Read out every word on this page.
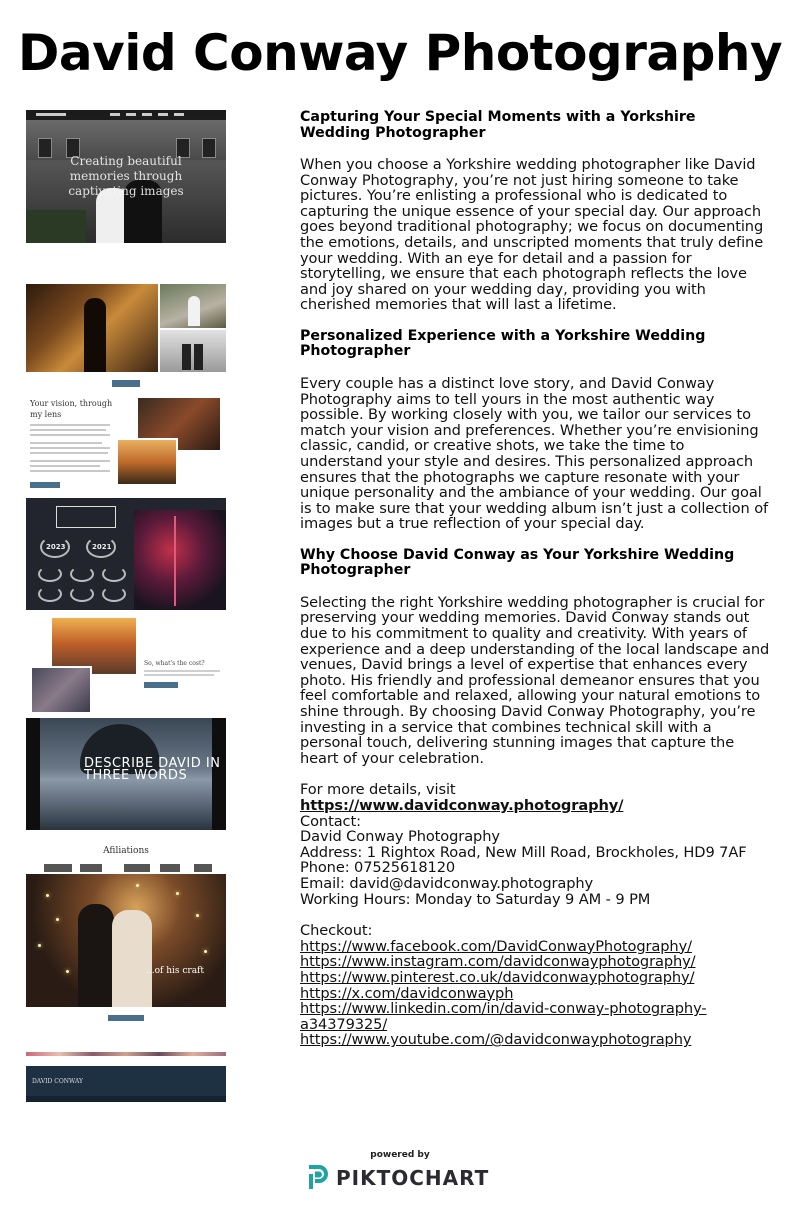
David Conway Photography
Creating beautiful memories through captivating images
Your vision, through my lens
2023	2021
So, what's the cost?
DESCRIBE DAVID IN THREE WORDS
Afiliations
...of his craft
DAVID CONWAY
Capturing Your Special Moments with a Yorkshire Wedding Photographer

When you choose a Yorkshire wedding photographer like David Conway Photography, you’re not just hiring someone to take pictures. You’re enlisting a professional who is dedicated to capturing the unique essence of your special day. Our approach goes beyond traditional photography; we focus on documenting the emotions, details, and unscripted moments that truly define your wedding. With an eye for detail and a passion for storytelling, we ensure that each photograph reflects the love and joy shared on your wedding day, providing you with cherished memories that will last a lifetime.

Personalized Experience with a Yorkshire Wedding Photographer

Every couple has a distinct love story, and David Conway Photography aims to tell yours in the most authentic way possible. By working closely with you, we tailor our services to match your vision and preferences. Whether you’re envisioning classic, candid, or creative shots, we take the time to understand your style and desires. This personalized approach ensures that the photographs we capture resonate with your unique personality and the ambiance of your wedding. Our goal is to make sure that your wedding album isn’t just a collection of images but a true reflection of your special day.

Why Choose David Conway as Your Yorkshire Wedding Photographer

Selecting the right Yorkshire wedding photographer is crucial for preserving your wedding memories. David Conway stands out due to his commitment to quality and creativity. With years of experience and a deep understanding of the local landscape and venues, David brings a level of expertise that enhances every photo. His friendly and professional demeanor ensures that you feel comfortable and relaxed, allowing your natural emotions to shine through. By choosing David Conway Photography, you’re investing in a service that combines technical skill with a personal touch, delivering stunning images that capture the heart of your celebration.

For more details, visit

https://www.davidconway.photography/

Contact:

David Conway Photography

Address: 1 Rightox Road, New Mill Road, Brockholes, HD9 7AF

Phone: 07525618120

Email: david@davidconway.photography

Working Hours: Monday to Saturday 9 AM - 9 PM

Checkout:

https://www.facebook.com/DavidConwayPhotography/

https://www.instagram.com/davidconwayphotography/

https://www.pinterest.co.uk/davidconwayphotography/

https://x.com/davidconwayph

https://www.linkedin.com/in/david-conway-photography-a34379325/

https://www.youtube.com/@davidconwayphotography

powered by
PIKTOCHART
